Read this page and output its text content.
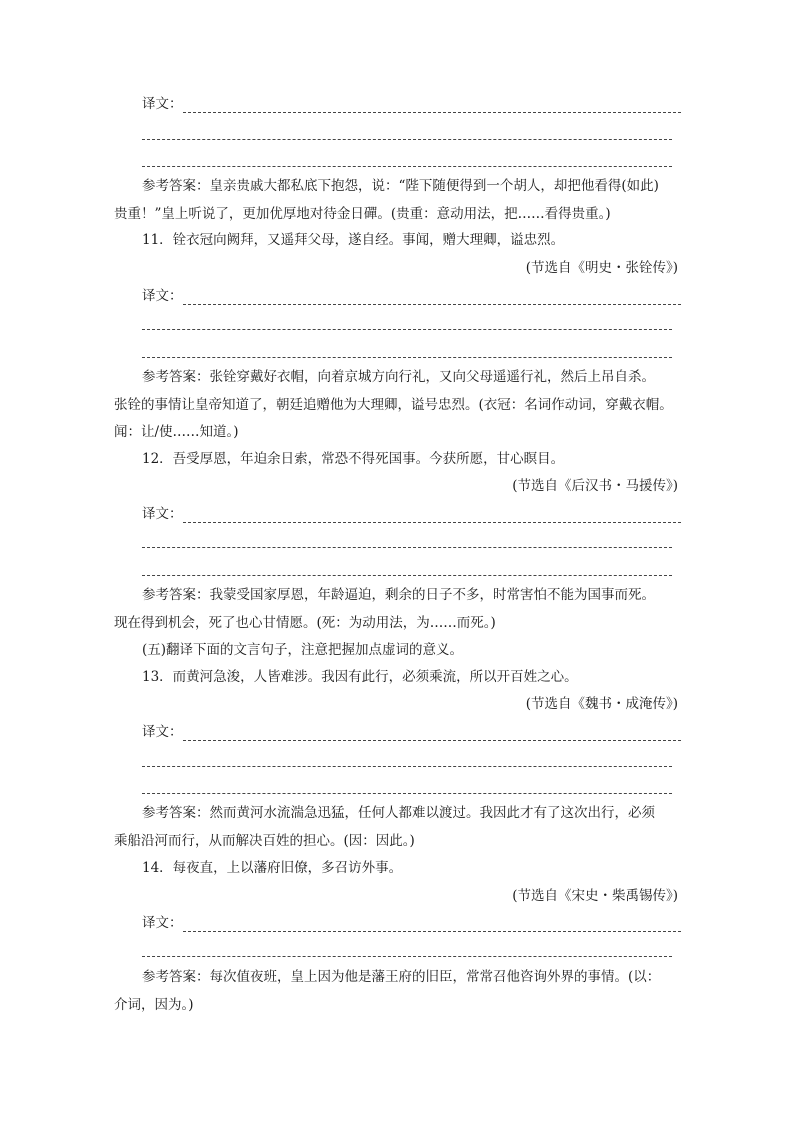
译文：
参考答案：皇亲贵戚大都私底下抱怨，说：“陛下随便得到一个胡人，却把他看得(如此)
贵重！”皇上听说了，更加优厚地对待金日磾。(贵重：意动用法，把……看得贵重。)
11．铨衣冠向阙拜，又遥拜父母，遂自经。事闻，赠大理卿，谥忠烈。
(节选自《明史・张铨传》)
译文：
参考答案：张铨穿戴好衣帽，向着京城方向行礼，又向父母遥遥行礼，然后上吊自杀。
张铨的事情让皇帝知道了，朝廷追赠他为大理卿，谥号忠烈。(衣冠：名词作动词，穿戴衣帽。
闻：让/使……知道。)
12．吾受厚恩，年迫余日索，常恐不得死国事。今获所愿，甘心瞑目。
(节选自《后汉书・马援传》)
译文：
参考答案：我蒙受国家厚恩，年龄逼迫，剩余的日子不多，时常害怕不能为国事而死。
现在得到机会，死了也心甘情愿。(死：为动用法，为……而死。)
(五)翻译下面的文言句子，注意把握加点虚词的意义。
13．而黄河急浚，人皆难涉。我因有此行，必须乘流，所以开百姓之心。
(节选自《魏书・成淹传》)
译文：
参考答案：然而黄河水流湍急迅猛，任何人都难以渡过。我因此才有了这次出行，必须
乘船沿河而行，从而解决百姓的担心。(因：因此。)
14．每夜直，上以藩府旧僚，多召访外事。
(节选自《宋史・柴禹锡传》)
译文：
参考答案：每次值夜班，皇上因为他是藩王府的旧臣，常常召他咨询外界的事情。(以：
介词，因为。)
